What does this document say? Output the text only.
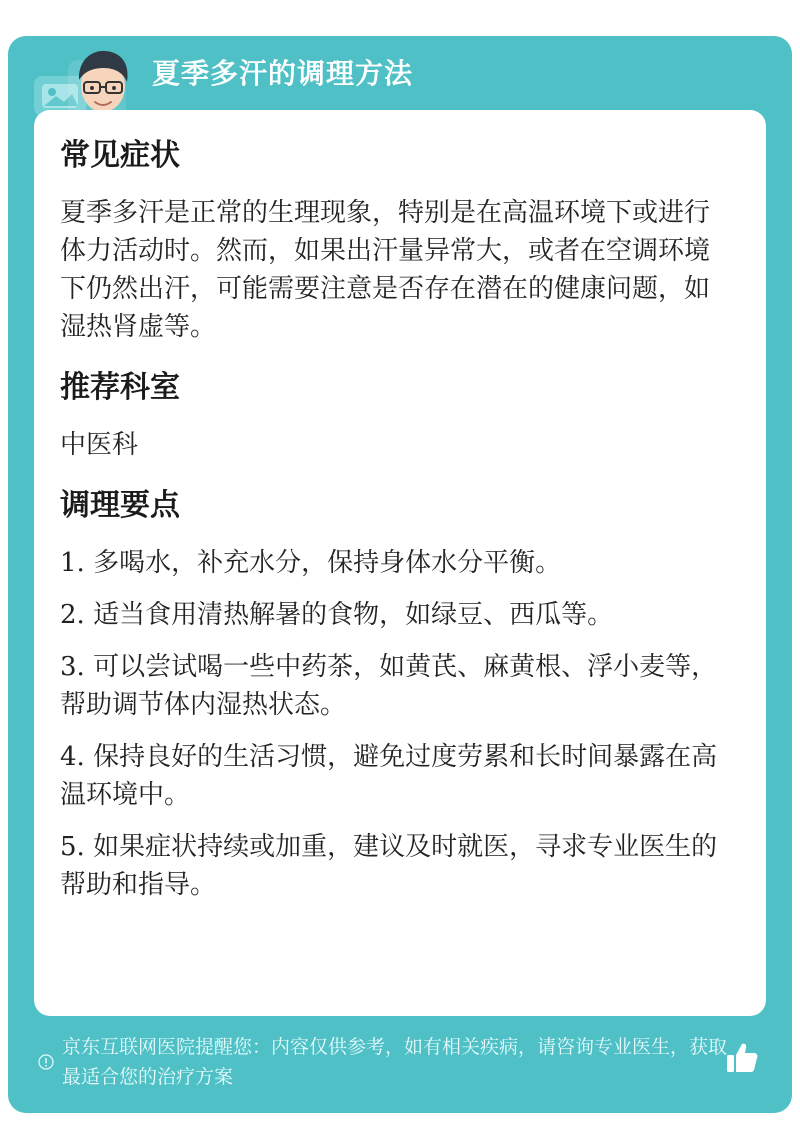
夏季多汗的调理方法
常见症状
夏季多汗是正常的生理现象，特别是在高温环境下或进行体力活动时。然而，如果出汗量异常大，或者在空调环境下仍然出汗，可能需要注意是否存在潜在的健康问题，如湿热肾虚等。
推荐科室
中医科
调理要点
1. 多喝水，补充水分，保持身体水分平衡。
2. 适当食用清热解暑的食物，如绿豆、西瓜等。
3. 可以尝试喝一些中药茶，如黄芪、麻黄根、浮小麦等，帮助调节体内湿热状态。
4. 保持良好的生活习惯，避免过度劳累和长时间暴露在高温环境中。
5. 如果症状持续或加重，建议及时就医，寻求专业医生的帮助和指导。
京东互联网医院提醒您：内容仅供参考，如有相关疾病，请咨询专业医生，获取最适合您的治疗方案
